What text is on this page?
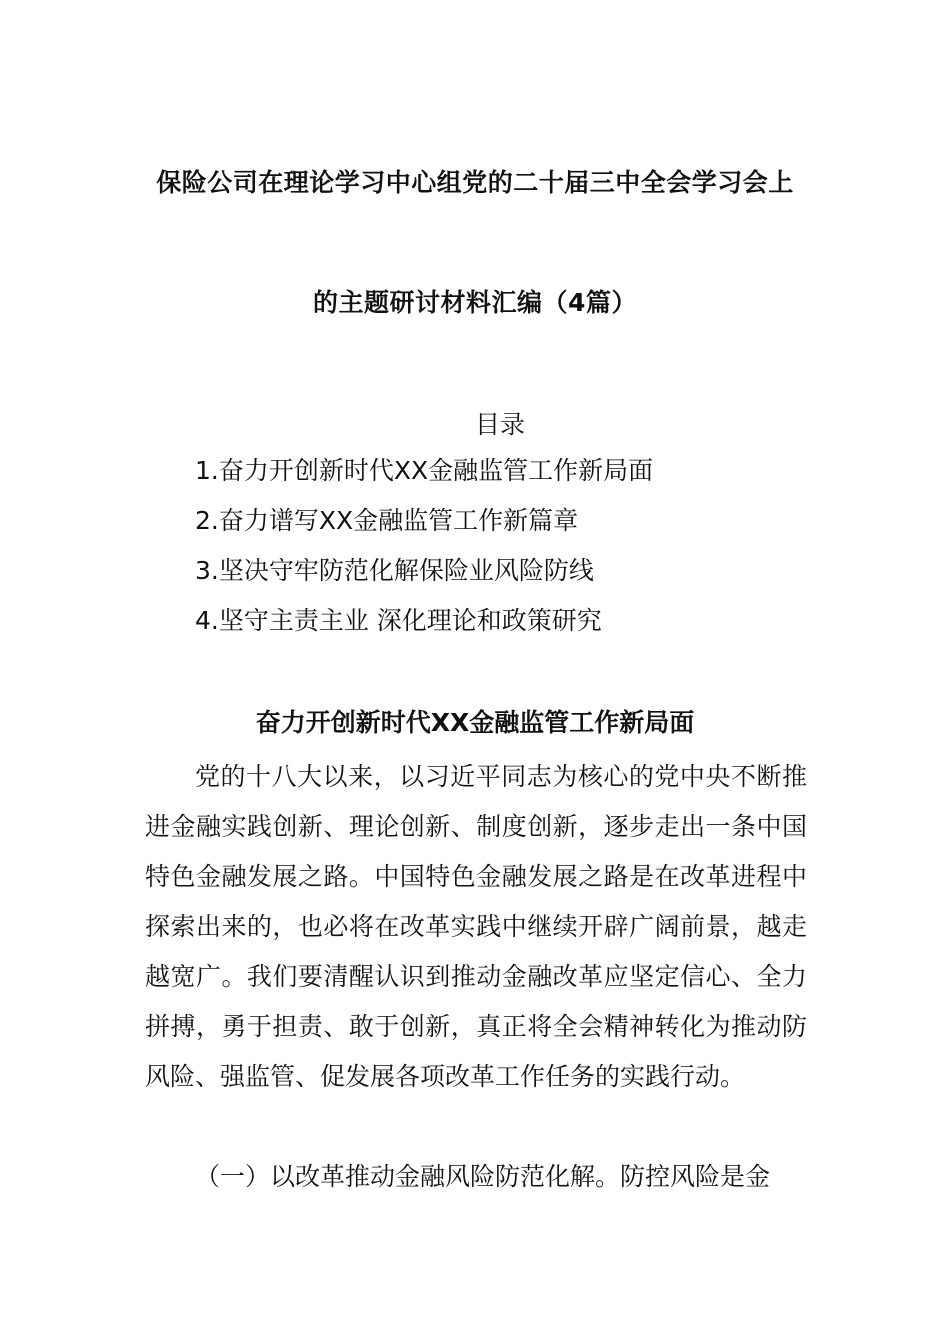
保险公司在理论学习中心组党的二十届三中全会学习会上
的主题研讨材料汇编（4篇）
目录
1.奋力开创新时代XX金融监管工作新局面
2.奋力谱写XX金融监管工作新篇章
3.坚决守牢防范化解保险业风险防线
4.坚守主责主业 深化理论和政策研究
奋力开创新时代XX金融监管工作新局面

党的十八大以来，以习近平同志为核心的党中央不断推进金融实践创新、理论创新、制度创新，逐步走出一条中国特色金融发展之路。中国特色金融发展之路是在改革进程中探索出来的，也必将在改革实践中继续开辟广阔前景，越走越宽广。我们要清醒认识到推动金融改革应坚定信心、全力拼搏，勇于担责、敢于创新，真正将全会精神转化为推动防风险、强监管、促发展各项改革工作任务的实践行动。

（一）以改革推动金融风险防范化解。防控风险是金
